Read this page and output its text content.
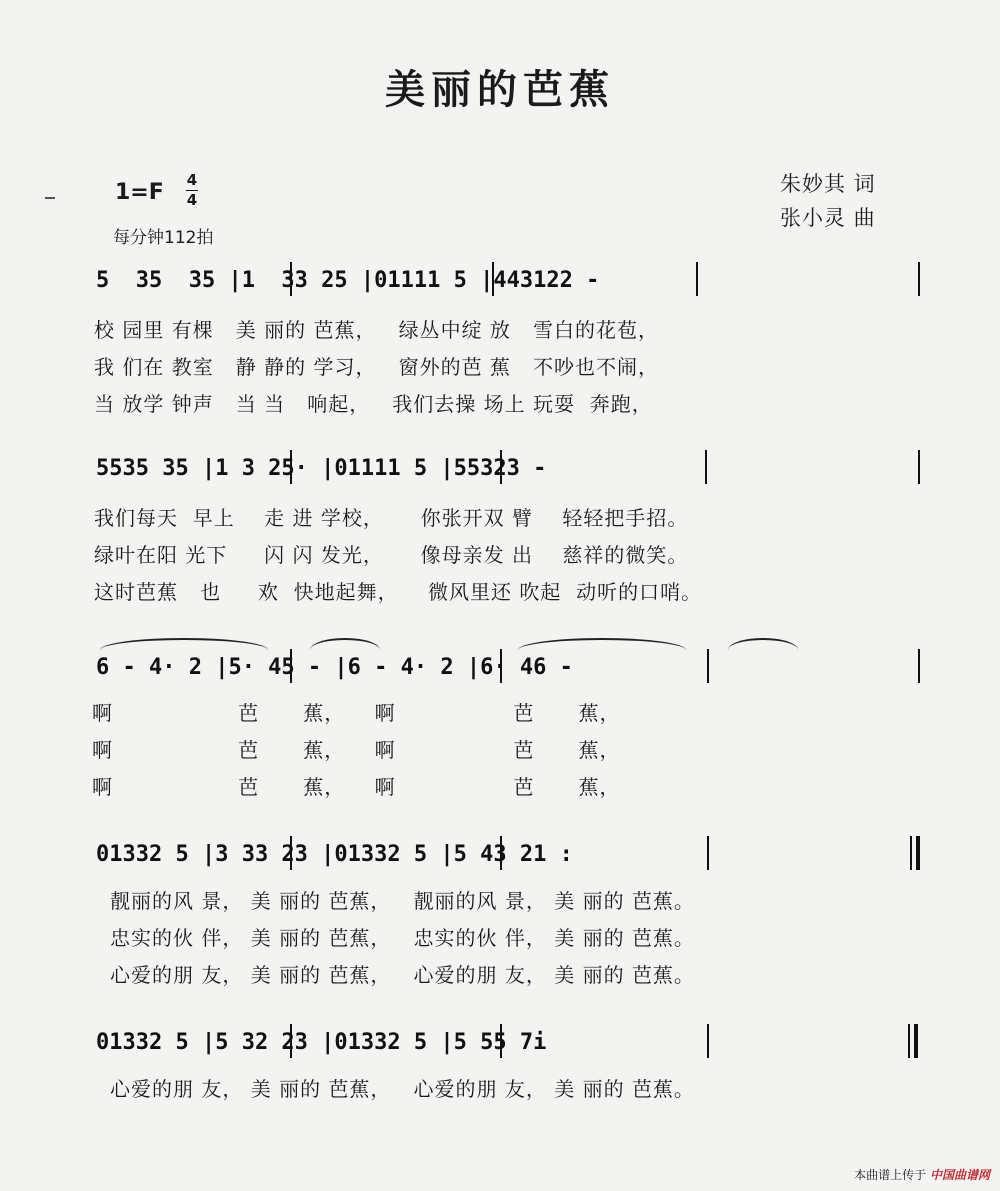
美丽的芭蕉
1=F 4
4
每分钟112拍
朱妙其 词
张小灵 曲
5  35  35 |1  33 25 |01111 5 |443122 -
校 园里 有棵   美 丽的 芭蕉，   绿丛中绽 放   雪白的花苞，
我 们在 教室   静 静的 学习，   窗外的芭 蕉   不吵也不闹，
当 放学 钟声   当 当   响起，   我们去操 场上 玩耍  奔跑，
5535 35 |1 3 25· |01111 5 |55323 -
我们每天  早上    走 进 学校，     你张开双 臂    轻轻把手招。
绿叶在阳 光下     闪 闪 发光，     像母亲发 出    慈祥的微笑。
这时芭蕉   也     欢  快地起舞，    微风里还 吹起  动听的口哨。
6 - 4· 2 |5· 45 - |6 - 4· 2 |6· 46 -
啊                 芭      蕉，    啊                芭      蕉，
啊                 芭      蕉，    啊                芭      蕉，
啊                 芭      蕉，    啊                芭      蕉，
01332 5 |3 33 23 |01332 5 |5 43 21 :
靓丽的风 景， 美 丽的 芭蕉，   靓丽的风 景， 美 丽的 芭蕉。
忠实的伙 伴， 美 丽的 芭蕉，   忠实的伙 伴， 美 丽的 芭蕉。
心爱的朋 友， 美 丽的 芭蕉，   心爱的朋 友， 美 丽的 芭蕉。
01332 5 |5 32 23 |01332 5 |5 55 7i
心爱的朋 友， 美 丽的 芭蕉，   心爱的朋 友， 美 丽的 芭蕉。
本曲谱上传于 中国曲谱网
